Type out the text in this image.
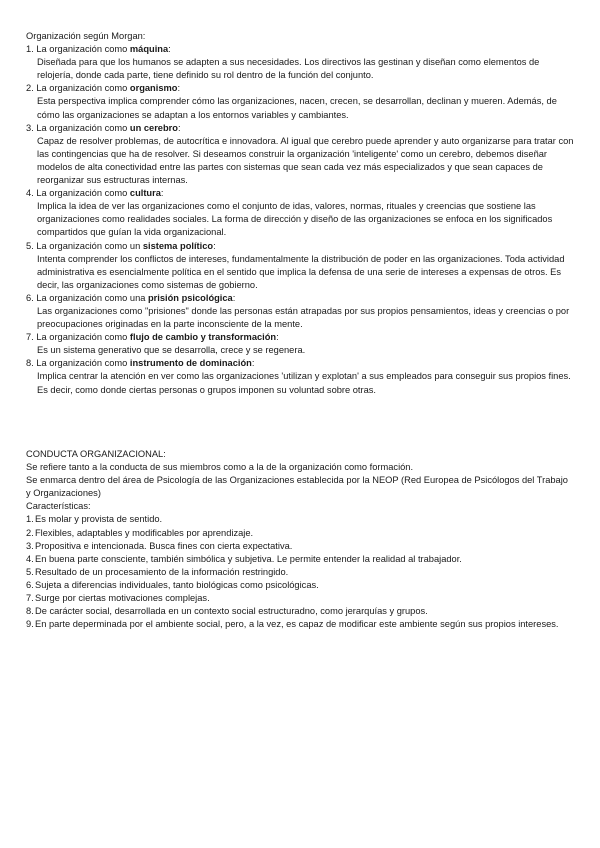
Organización según Morgan:

1. La organización como máquina:

Diseñada para que los humanos se adapten a sus necesidades. Los directivos las gestinan y diseñan como elementos de relojería, donde cada parte, tiene definido su rol dentro de la función del conjunto.

2. La organización como organismo:

Esta perspectiva implica comprender cómo las organizaciones, nacen, crecen, se desarrollan, declinan y mueren. Además, de cómo las organizaciones se adaptan a los entornos variables y cambiantes.

3. La organización como un cerebro:

Capaz de resolver problemas, de autocrítica e innovadora. Al igual que cerebro puede aprender y auto organizarse para tratar con las contingencias que ha de resolver. Si deseamos construir la organización 'inteligente' como un cerebro, debemos diseñar modelos de alta conectividad entre las partes con sistemas que sean cada vez más especializados y que sean capaces de reorganizar sus estructuras internas.

4. La organización como cultura:

Implica la idea de ver las organizaciones como el conjunto de idas, valores, normas, rituales y creencias que sostiene las organizaciones como realidades sociales. La forma de dirección y diseño de las organizaciones se enfoca en los significados compartidos que guían la vida organizacional.

5. La organización como un sistema político:

Intenta comprender los conflictos de intereses, fundamentalmente la distribución de poder en las organizaciones. Toda actividad administrativa es esencialmente política en el sentido que implica la defensa de una serie de intereses a expensas de otros. Es decir, las organizaciones como sistemas de gobierno.

6. La organización como una prisión psicológica:

Las organizaciones como "prisiones" donde las personas están atrapadas por sus propios pensamientos, ideas y creencias o por preocupaciones originadas en la parte inconsciente de la mente.

7. La organización como flujo de cambio y transformación:

Es un sistema generativo que se desarrolla, crece y se regenera.

8. La organización como instrumento de dominación:

Implica centrar la atención en ver como las organizaciones 'utilizan y explotan' a sus empleados para conseguir sus propios fines. Es decir, como donde ciertas personas o grupos imponen su voluntad sobre otras.

CONDUCTA ORGANIZACIONAL:

Se refiere tanto a la conducta de sus miembros como a la de la organización como formación.

Se enmarca dentro del área de Psicología de las Organizaciones establecida por la NEOP (Red Europea de Psicólogos del Trabajo y Organizaciones)

Características:

1. Es molar y provista de sentido.
2. Flexibles, adaptables y modificables por aprendizaje.
3. Propositiva e intencionada. Busca fines con cierta expectativa.
4. En buena parte consciente, también simbólica y subjetiva. Le permite entender la realidad al trabajador.
5. Resultado de un procesamiento de la información restringido.
6. Sujeta a diferencias individuales, tanto biológicas como psicológicas.
7. Surge por ciertas motivaciones complejas.
8. De carácter social, desarrollada en un contexto social estructuradno, como jerarquías y grupos.
9. En parte deperminada por el ambiente social, pero, a la vez, es capaz de modificar este ambiente según sus propios intereses.
